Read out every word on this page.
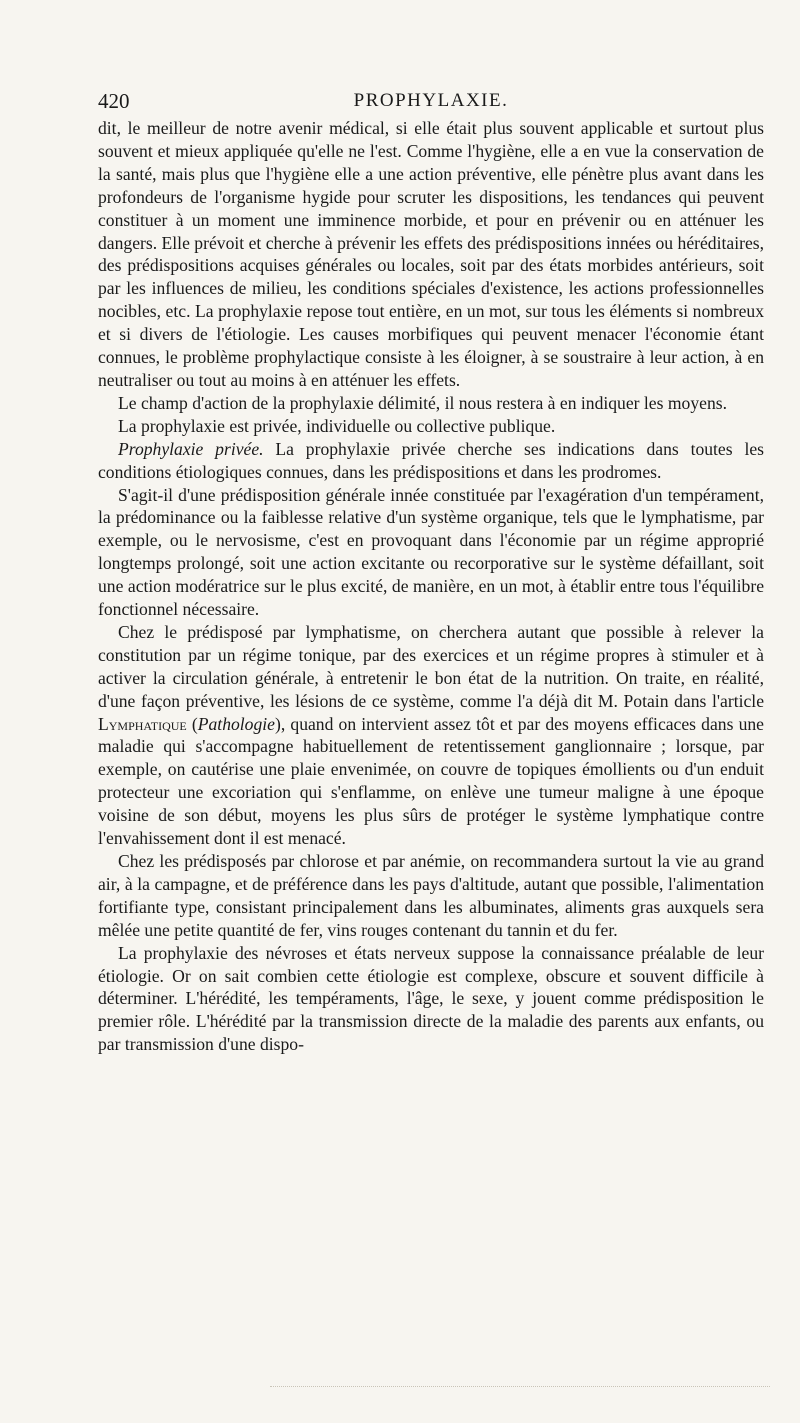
420	PROPHYLAXIE.

dit, le meilleur de notre avenir médical, si elle était plus souvent applicable et surtout plus souvent et mieux appliquée qu'elle ne l'est. Comme l'hygiène, elle a en vue la conservation de la santé, mais plus que l'hygiène elle a une action préventive, elle pénètre plus avant dans les profondeurs de l'organisme hygide pour scruter les dispositions, les tendances qui peuvent constituer à un moment une imminence morbide, et pour en prévenir ou en atténuer les dangers. Elle prévoit et cherche à prévenir les effets des prédispositions innées ou héréditaires, des prédispositions acquises générales ou locales, soit par des états morbides antérieurs, soit par les influences de milieu, les conditions spéciales d'existence, les actions professionnelles nocibles, etc. La prophylaxie repose tout entière, en un mot, sur tous les éléments si nombreux et si divers de l'étiologie. Les causes morbifiques qui peuvent menacer l'économie étant connues, le problème prophylactique consiste à les éloigner, à se soustraire à leur action, à en neutraliser ou tout au moins à en atténuer les effets.

Le champ d'action de la prophylaxie délimité, il nous restera à en indiquer les moyens.

La prophylaxie est privée, individuelle ou collective publique.

Prophylaxie privée. La prophylaxie privée cherche ses indications dans toutes les conditions étiologiques connues, dans les prédispositions et dans les prodromes.

S'agit-il d'une prédisposition générale innée constituée par l'exagération d'un tempérament, la prédominance ou la faiblesse relative d'un système organique, tels que le lymphatisme, par exemple, ou le nervosisme, c'est en provoquant dans l'économie par un régime approprié longtemps prolongé, soit une action excitante ou recorporative sur le système défaillant, soit une action modératrice sur le plus excité, de manière, en un mot, à établir entre tous l'équilibre fonctionnel nécessaire.

Chez le prédisposé par lymphatisme, on cherchera autant que possible à relever la constitution par un régime tonique, par des exercices et un régime propres à stimuler et à activer la circulation générale, à entretenir le bon état de la nutrition. On traite, en réalité, d'une façon préventive, les lésions de ce système, comme l'a déjà dit M. Potain dans l'article Lymphatique (Pathologie), quand on intervient assez tôt et par des moyens efficaces dans une maladie qui s'accompagne habituellement de retentissement ganglionnaire ; lorsque, par exemple, on cautérise une plaie envenimée, on couvre de topiques émollients ou d'un enduit protecteur une excoriation qui s'enflamme, on enlève une tumeur maligne à une époque voisine de son début, moyens les plus sûrs de protéger le système lymphatique contre l'envahissement dont il est menacé.

Chez les prédisposés par chlorose et par anémie, on recommandera surtout la vie au grand air, à la campagne, et de préférence dans les pays d'altitude, autant que possible, l'alimentation fortifiante type, consistant principalement dans les albuminates, aliments gras auxquels sera mêlée une petite quantité de fer, vins rouges contenant du tannin et du fer.

La prophylaxie des névroses et états nerveux suppose la connaissance préalable de leur étiologie. Or on sait combien cette étiologie est complexe, obscure et souvent difficile à déterminer. L'hérédité, les tempéraments, l'âge, le sexe, y jouent comme prédisposition le premier rôle. L'hérédité par la transmission directe de la maladie des parents aux enfants, ou par transmission d'une dispo-
